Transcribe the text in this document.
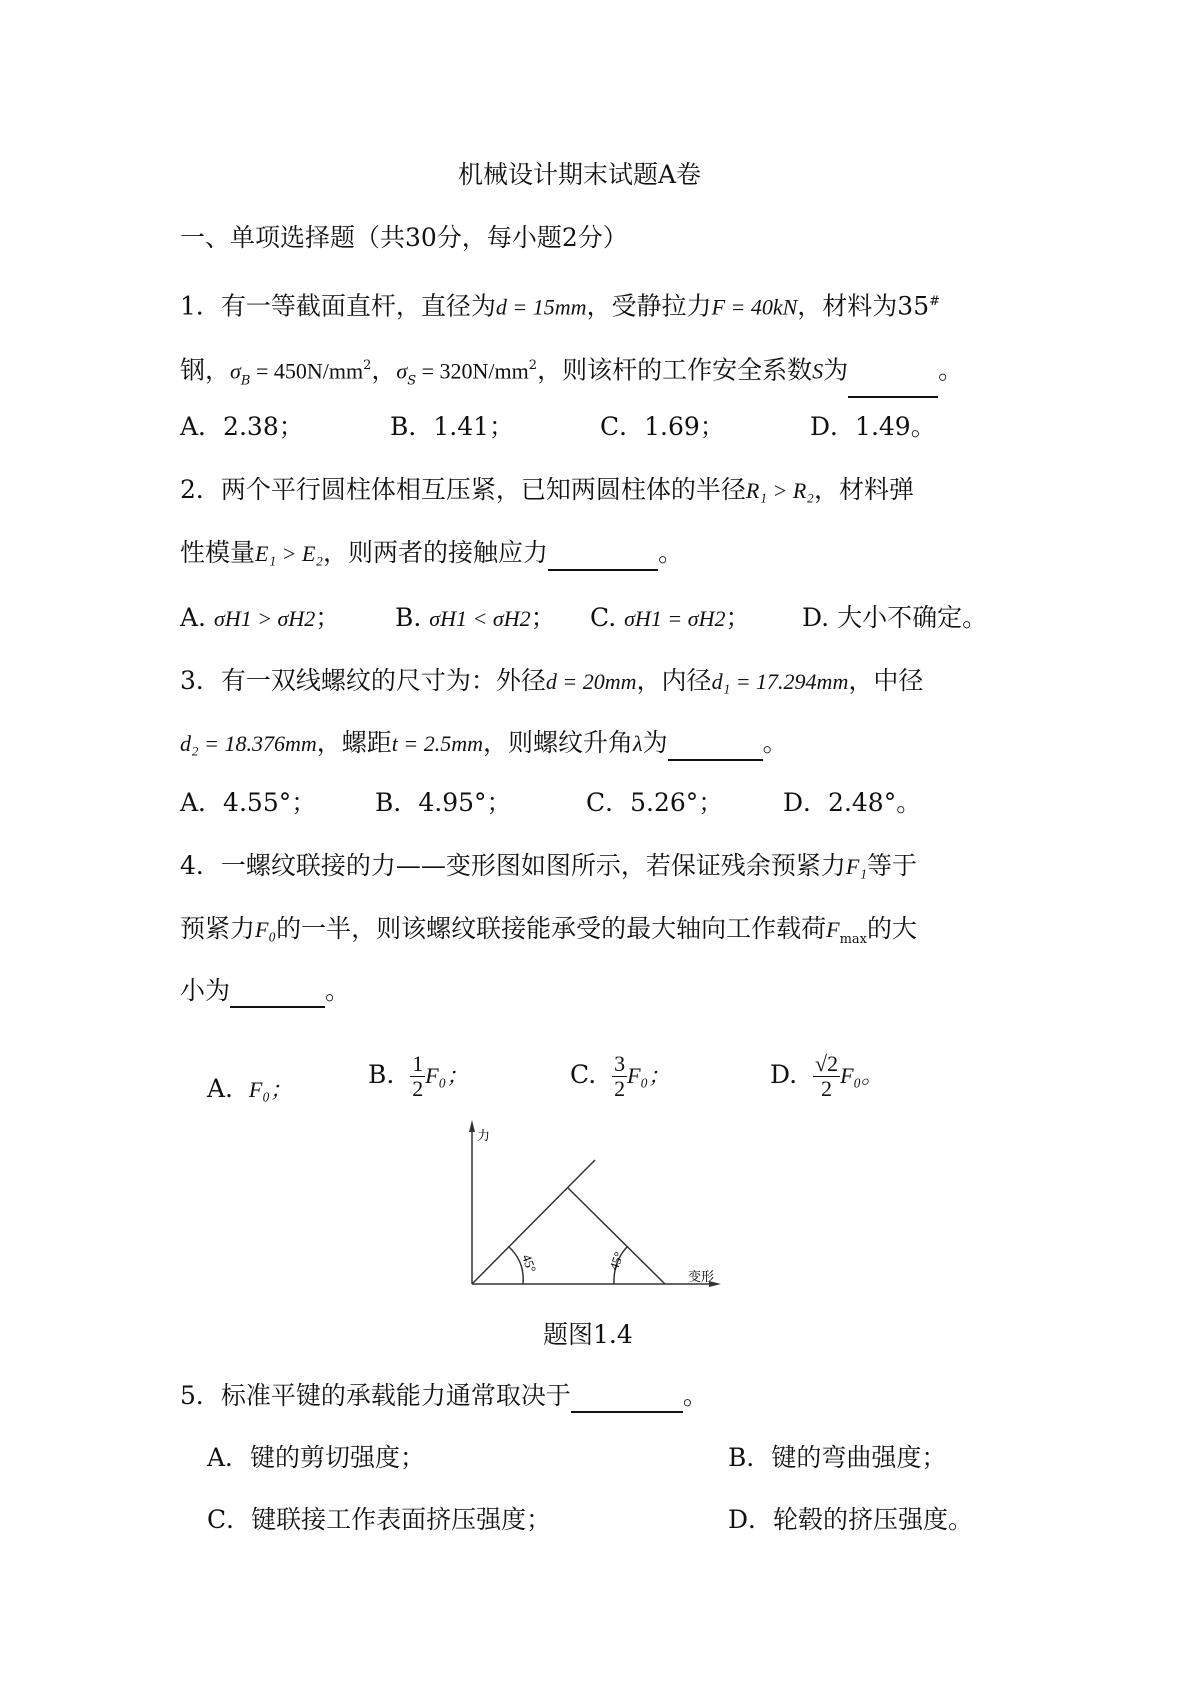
机械设计期末试题A卷
一、单项选择题（共30分，每小题2分）
1．有一等截面直杆，直径为d = 15mm，受静拉力F = 40kN，材料为35#
钢，$\sigma_B = 450N/mm^2$，$\sigma_S = 320N/mm^2$，则该杆的工作安全系数S为	。
A．2.38；	B．1.41；	C．1.69；	D．1.49。
2．两个平行圆柱体相互压紧，已知两圆柱体的半径R₁ > R₂，材料弹
性模量E₁ > E₂，则两者的接触应力	。
A. σH1 > σH2； B. σH1 < σH2； C. σH1 = σH2； D. 大小不确定。
3．有一双线螺纹的尺寸为：外径d = 20mm，内径d₁ = 17.294mm，中径
d₂ = 18.376mm，螺距t = 2.5mm，则螺纹升角λ为	。
A．4.55°； B．4.95°；	C．5.26°； D．2.48°。
4．一螺纹联接的力——变形图如图所示，若保证残余预紧力F₁等于
预紧力F₀的一半，则该螺纹联接能承受的最大轴向工作载荷$F_{max}$的大
小为	。
A. F₀；
B. $\frac{1}{2} F_0$；	C. $\frac{3}{2} F_0$；	D. $\frac{√2}{2} F_0$。
力
变形
45°	45°
题图1.4
5．标准平键的承载能力通常取决于	。
A．键的剪切强度；	B．键的弯曲强度；
C．键联接工作表面挤压强度；	D．轮毂的挤压强度。
